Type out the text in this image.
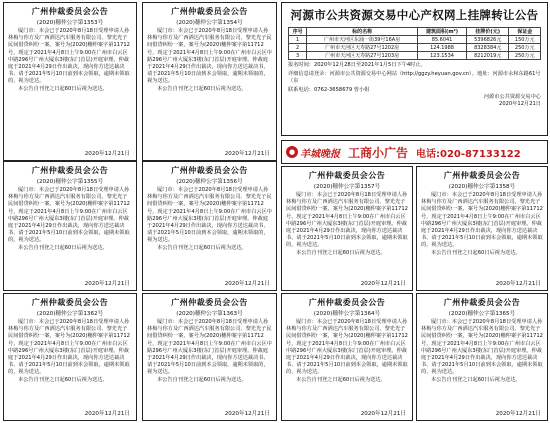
河源市公共资源交易中心产权网上挂牌转让公告
序号	标的名称	建筑面积(m²)	挂牌价(元)	保证金
1	广州市天河区东涌一街39号16A房	85.6041	5396826元	150万元
2	广州市天河区天寿路27号1202房	124.1988	8328384元	250万元
3	广州市天河区天寿路27号1203房	123.1534	8212019元	250万元
报名时间：2020年12月28日至2021年1月5日下午4时止。
详细信息请登录：河源市公共资源交易中心网站（http://ggzy.heyuan.gov.cn）。地址：河源市永和东路61号（东
联系电话：0762-3658679 曾小姐
河源市公共资源交易中心
2020年12月21日
● 羊城晚报 工商小广告 电话:020-87133122
广州仲裁委员会公告
(2020)穗仲公字第1353号
厦门市：本会已于2020年8月18日受理申请人孙林梅与你方及广西酒达汽车服务有限公司、黎光光子民间借贷纠纷一案，案号为(2020)穗仲案字第11712号，现定于2021年4月8日上午9:00在广州市白云区中路296号广州大厦东3楼(东门首层)开庭审理。仲裁庭于2021年4月29日作出裁决，现向你方送达裁决书、请于2021年5月10日前到本会领取，逾期未领取的，视为送达。
本公告自刊登之日起60日后视为送达。
2020年12月21日
广州仲裁委员会公告
(2020)穗仲公字第1354号
厦门市：本会已于2020年8月18日受理申请人孙林梅与你方及广西酒达汽车服务有限公司、黎光光子民间借贷纠纷一案，案号为(2020)穗仲案字第11712号，现定于2021年4月8日上午9:00在广州市白云区中路296号广州大厦东3楼(东门首层)开庭审理。仲裁庭于2021年4月29日作出裁决，现向你方送达裁决书、请于2021年5月10日前到本会领取，逾期未领取的，视为送达。
本公告自刊登之日起60日后视为送达。
2020年12月21日
广州仲裁委员会公告
(2020)穗仲公字第1355号
厦门市：本会已于2020年8月18日受理申请人孙林梅与你方及广西酒达汽车服务有限公司、黎光光子民间借贷纠纷一案，案号为(2020)穗仲案字第11712号，现定于2021年4月8日上午9:00在广州市白云区中路296号广州大厦东3楼(东门首层)开庭审理。仲裁庭于2021年4月29日作出裁决，现向你方送达裁决书、请于2021年5月10日前到本会领取，逾期未领取的，视为送达。
本公告自刊登之日起60日后视为送达。
2020年12月21日
广州仲裁委员会公告
(2020)穗仲公字第1356号
厦门市：本会已于2020年8月18日受理申请人孙林梅与你方及广西酒达汽车服务有限公司、黎光光子民间借贷纠纷一案，案号为(2020)穗仲案字第11712号，现定于2021年4月8日上午9:00在广州市白云区中路296号广州大厦东3楼(东门首层)开庭审理。仲裁庭于2021年4月29日作出裁决，现向你方送达裁决书、请于2021年5月10日前到本会领取，逾期未领取的，视为送达。
本公告自刊登之日起60日后视为送达。
2020年12月21日
广州仲裁委员会公告
(2020)穗仲公字第1357号
厦门市：本会已于2020年8月18日受理申请人孙林梅与你方及广西酒达汽车服务有限公司、黎光光子民间借贷纠纷一案，案号为(2020)穗仲案字第11712号，现定于2021年4月8日上午9:00在广州市白云区中路296号广州大厦东3楼(东门首层)开庭审理。仲裁庭于2021年4月29日作出裁决，现向你方送达裁决书、请于2021年5月10日前到本会领取，逾期未领取的，视为送达。
本公告自刊登之日起60日后视为送达。
2020年12月21日
广州仲裁委员会公告
(2020)穗仲公字第1358号
厦门市：本会已于2020年8月18日受理申请人孙林梅与你方及广西酒达汽车服务有限公司、黎光光子民间借贷纠纷一案，案号为(2020)穗仲案字第11712号，现定于2021年4月8日上午9:00在广州市白云区中路296号广州大厦东3楼(东门首层)开庭审理。仲裁庭于2021年4月29日作出裁决，现向你方送达裁决书、请于2021年5月10日前到本会领取，逾期未领取的，视为送达。
本公告自刊登之日起60日后视为送达。
2020年12月21日
广州仲裁委员会公告
(2020)穗仲公字第1362号
厦门市：本会已于2020年8月18日受理申请人孙林梅与你方及广西酒达汽车服务有限公司、黎光光子民间借贷纠纷一案，案号为(2020)穗仲案字第11712号，现定于2021年4月8日上午9:00在广州市白云区中路296号广州大厦东3楼(东门首层)开庭审理。仲裁庭于2021年4月29日作出裁决，现向你方送达裁决书、请于2021年5月10日前到本会领取，逾期未领取的，视为送达。
本公告自刊登之日起60日后视为送达。
2020年12月21日
广州仲裁委员会公告
(2020)穗仲公字第1363号
厦门市：本会已于2020年8月18日受理申请人孙林梅与你方及广西酒达汽车服务有限公司、黎光光子民间借贷纠纷一案，案号为(2020)穗仲案字第11712号，现定于2021年4月8日上午9:00在广州市白云区中路296号广州大厦东3楼(东门首层)开庭审理。仲裁庭于2021年4月29日作出裁决，现向你方送达裁决书、请于2021年5月10日前到本会领取，逾期未领取的，视为送达。
本公告自刊登之日起60日后视为送达。
2020年12月21日
广州仲裁委员会公告
(2020)穗仲公字第1364号
厦门市：本会已于2020年8月18日受理申请人孙林梅与你方及广西酒达汽车服务有限公司、黎光光子民间借贷纠纷一案，案号为(2020)穗仲案字第11712号，现定于2021年4月8日上午9:00在广州市白云区中路296号广州大厦东3楼(东门首层)开庭审理。仲裁庭于2021年4月29日作出裁决，现向你方送达裁决书、请于2021年5月10日前到本会领取，逾期未领取的，视为送达。
本公告自刊登之日起60日后视为送达。
2020年12月21日
广州仲裁委员会公告
(2020)穗仲公字第1365号
厦门市：本会已于2020年8月18日受理申请人孙林梅与你方及广西酒达汽车服务有限公司、黎光光子民间借贷纠纷一案，案号为(2020)穗仲案字第11712号，现定于2021年4月8日上午9:00在广州市白云区中路296号广州大厦东3楼(东门首层)开庭审理。仲裁庭于2021年4月29日作出裁决，现向你方送达裁决书、请于2021年5月10日前到本会领取，逾期未领取的，视为送达。
本公告自刊登之日起60日后视为送达。
2020年12月21日
